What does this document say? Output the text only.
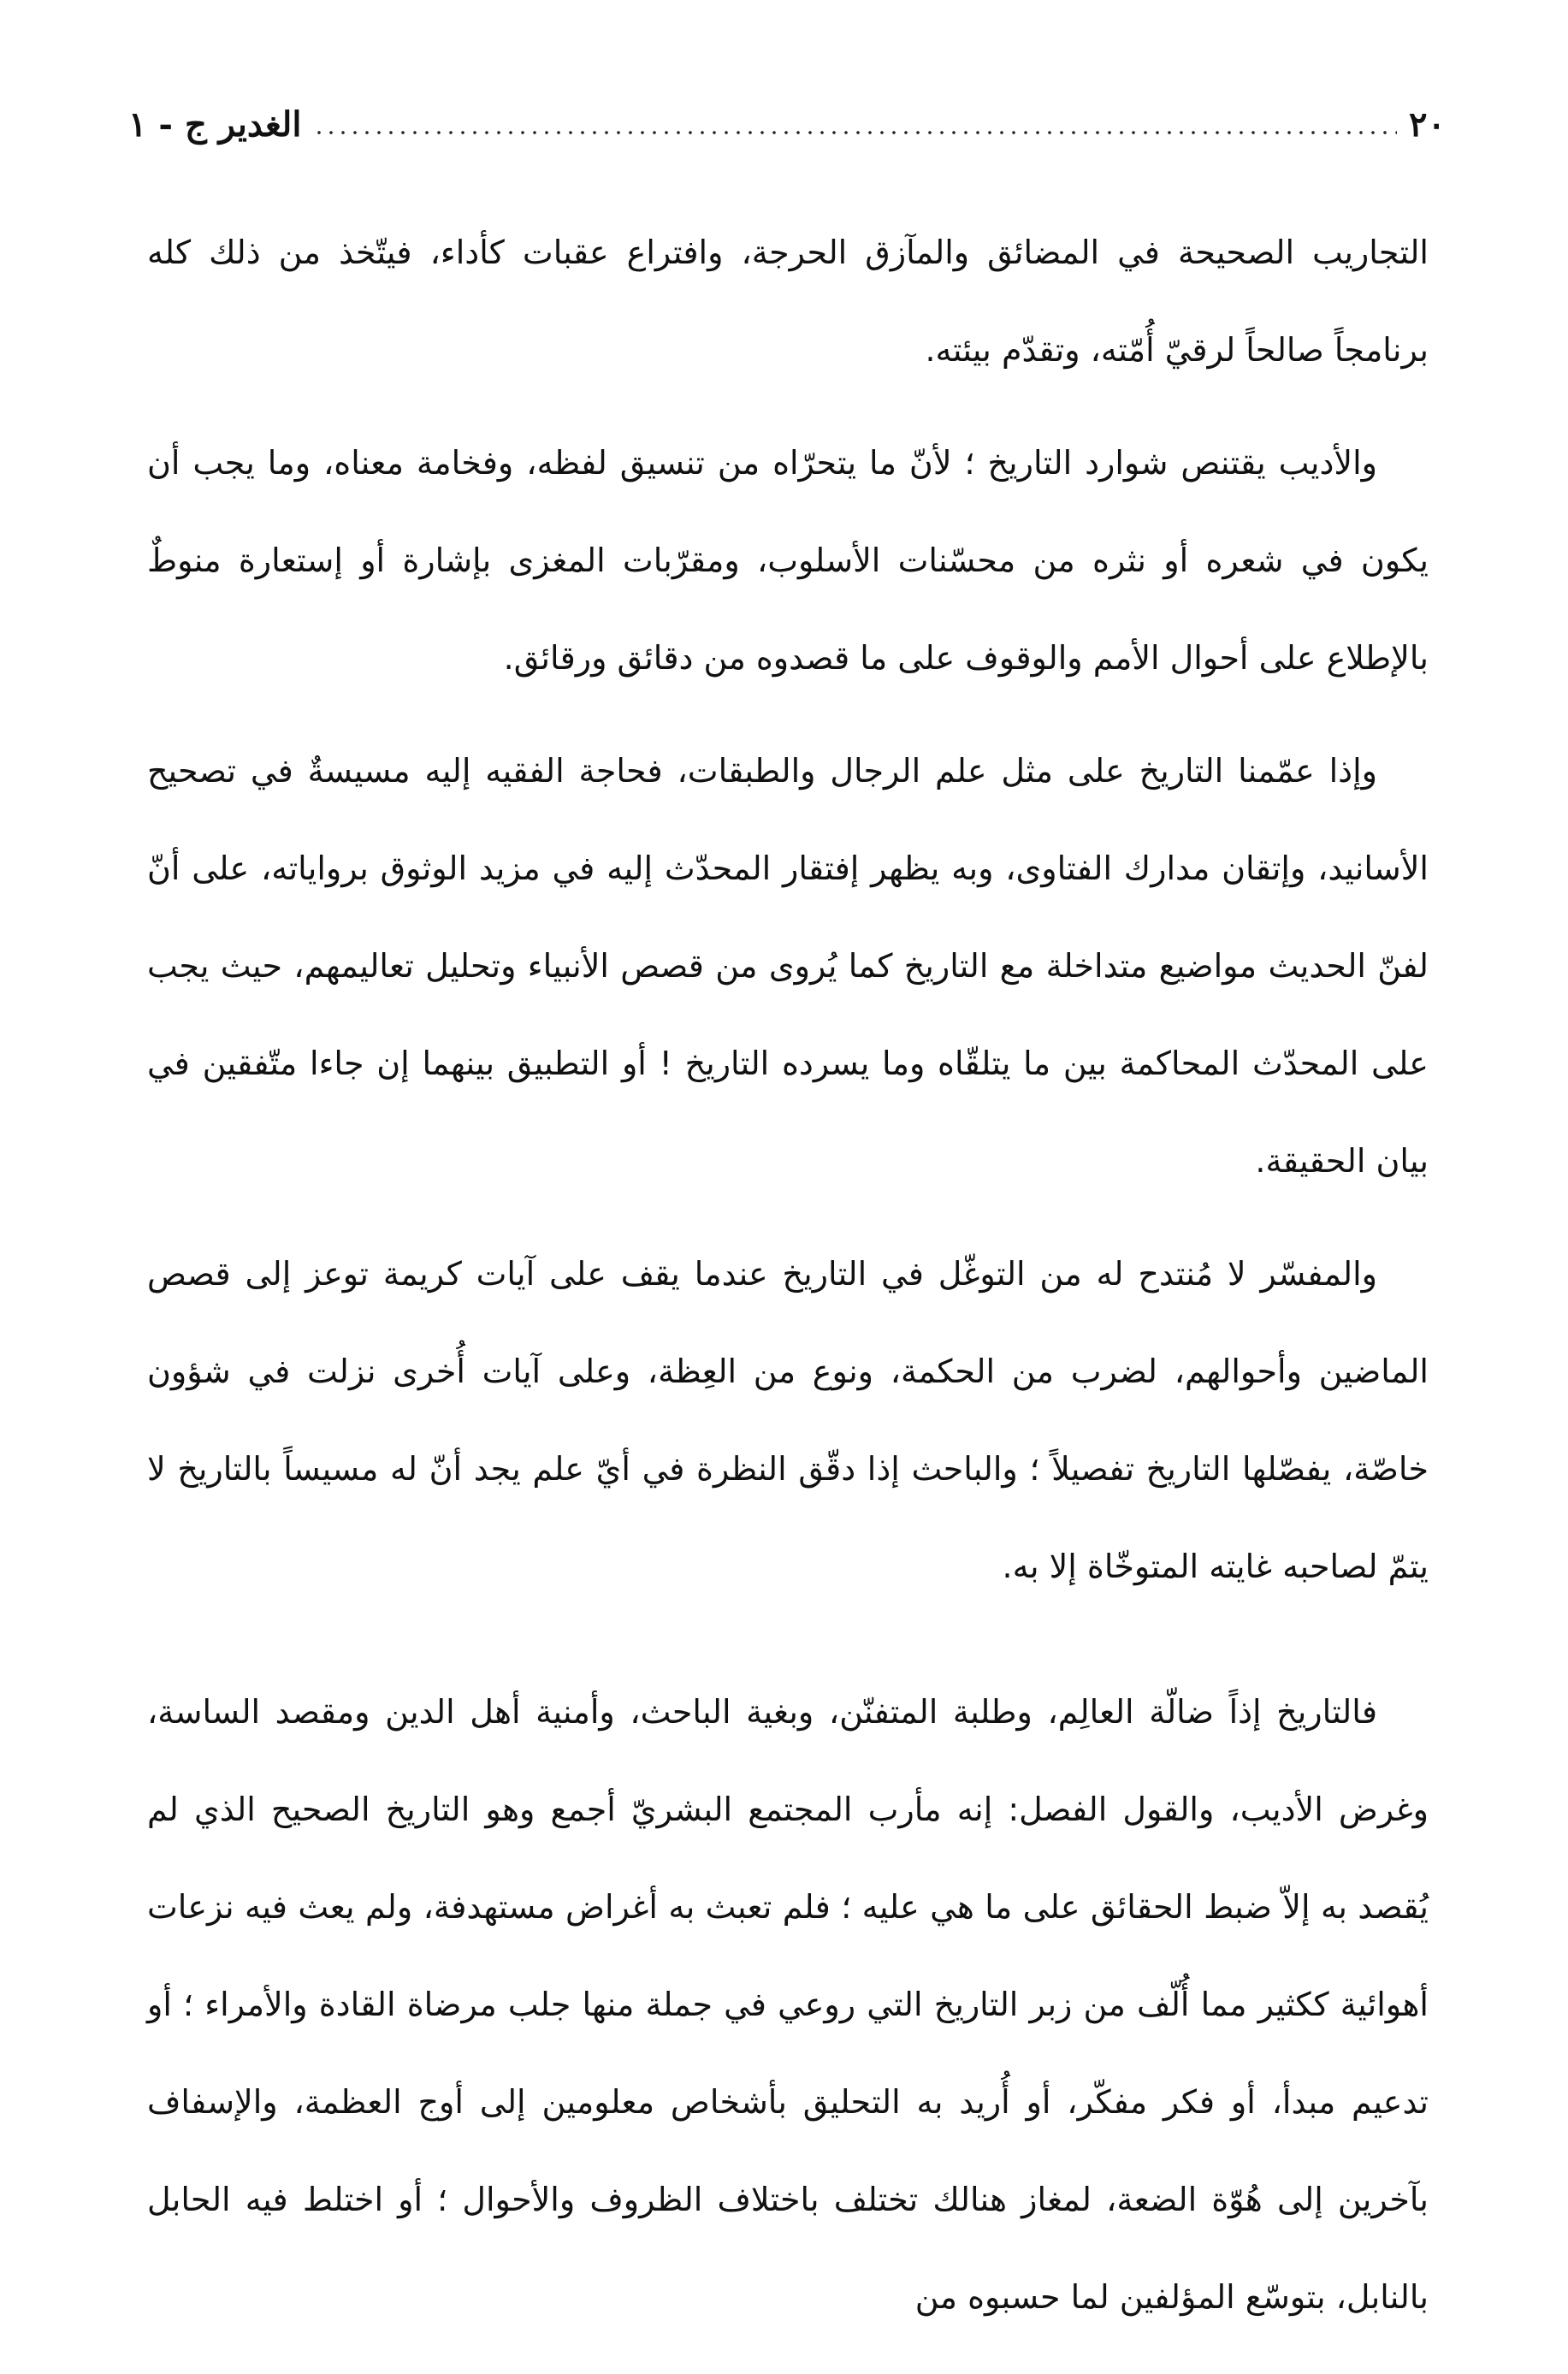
٢٠
الغدير ج - ١

التجاريب الصحيحة في المضائق والمآزق الحرجة، وافتراع عقبات كأداء، فيتّخذ من ذلك كله برنامجاً صالحاً لرقيّ أُمّته، وتقدّم بيئته.

والأديب يقتنص شوارد التاريخ ؛ لأنّ ما يتحرّاه من تنسيق لفظه، وفخامة معناه، وما يجب أن يكون في شعره أو نثره من محسّنات الأسلوب، ومقرّبات المغزى بإشارة أو إستعارة منوطٌ بالإطلاع على أحوال الأمم والوقوف على ما قصدوه من دقائق ورقائق.

وإذا عمّمنا التاريخ على مثل علم الرجال والطبقات، فحاجة الفقيه إليه مسيسةٌ في تصحيح الأسانيد، وإتقان مدارك الفتاوى، وبه يظهر إفتقار المحدّث إليه في مزيد الوثوق برواياته، على أنّ لفنّ الحديث مواضيع متداخلة مع التاريخ كما يُروى من قصص الأنبياء وتحليل تعاليمهم، حيث يجب على المحدّث المحاكمة بين ما يتلقّاه وما يسرده التاريخ ! أو التطبيق بينهما إن جاءا متّفقين في بيان الحقيقة.

والمفسّر لا مُنتدح له من التوغّل في التاريخ عندما يقف على آيات كريمة توعز إلى قصص الماضين وأحوالهم، لضرب من الحكمة، ونوع من العِظة، وعلى آيات أُخرى نزلت في شؤون خاصّة، يفصّلها التاريخ تفصيلاً ؛ والباحث إذا دقّق النظرة في أيّ علم يجد أنّ له مسيساً بالتاريخ لا يتمّ لصاحبه غايته المتوخّاة إلا به.

فالتاريخ إذاً ضالّة العالِم، وطلبة المتفنّن، وبغية الباحث، وأمنية أهل الدين ومقصد الساسة، وغرض الأديب، والقول الفصل: إنه مأرب المجتمع البشريّ أجمع وهو التاريخ الصحيح الذي لم يُقصد به إلاّ ضبط الحقائق على ما هي عليه ؛ فلم تعبث به أغراض مستهدفة، ولم يعث فيه نزعات أهوائية ككثير مما أُلّف من زبر التاريخ التي روعي في جملة منها جلب مرضاة القادة والأمراء ؛ أو تدعيم مبدأ، أو فكر مفكّر، أو أُريد به التحليق بأشخاص معلومين إلى أوج العظمة، والإسفاف بآخرين إلى هُوّة الضعة، لمغاز هنالك تختلف باختلاف الظروف والأحوال ؛ أو اختلط فيه الحابل بالنابل، بتوسّع المؤلفين لما حسبوه من
